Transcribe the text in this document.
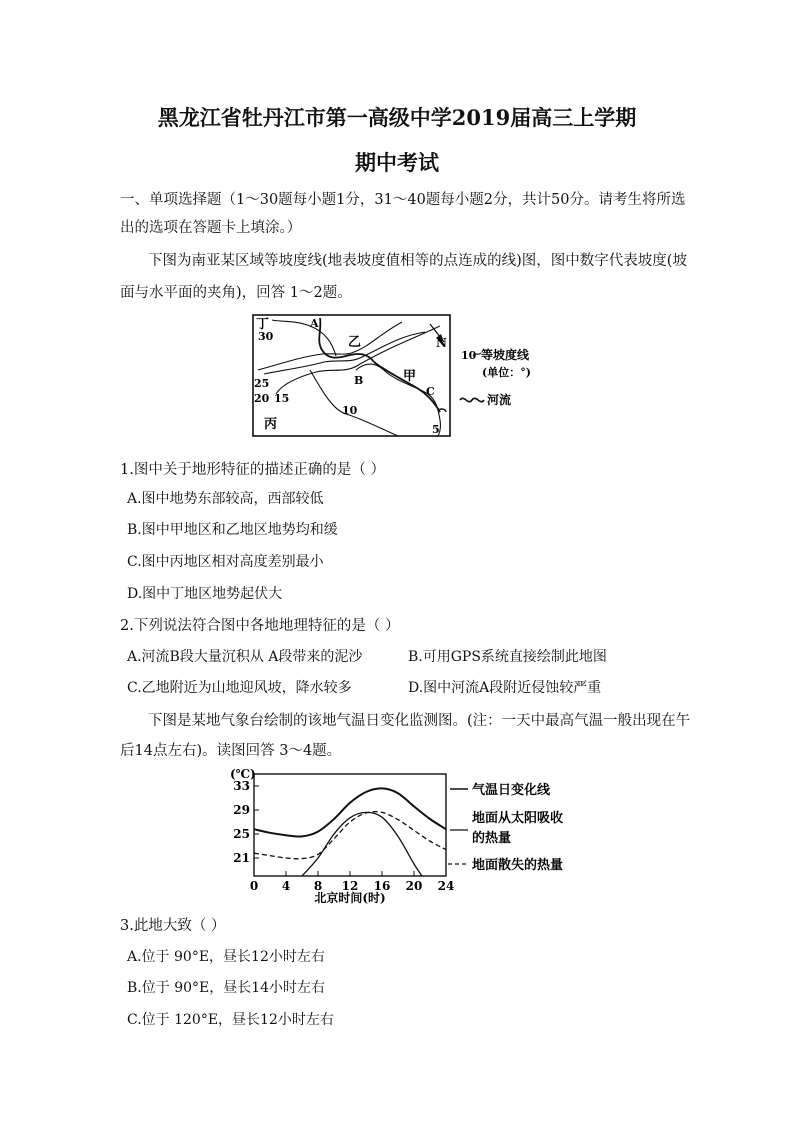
黑龙江省牡丹江市第一高级中学2019届高三上学期
期中考试
一、单项选择题（1～30题每小题1分，31～40题每小题2分，共计50分。请考生将所选
出的选项在答题卡上填涂。）
下图为南亚某区域等坡度线(地表坡度值相等的点连成的线)图，图中数字代表坡度(坡
面与水平面的夹角)，回答 1～2题。
N
丁	A
乙
B	甲
C
丙
30
25
20 15
10
5
10 等坡度线
(单位：°)
河流
1.图中关于地形特征的描述正确的是（ ）
A.图中地势东部较高，西部较低
B.图中甲地区和乙地区地势均和缓
C.图中丙地区相对高度差别最小
D.图中丁地区地势起伏大
2.下列说法符合图中各地地理特征的是（ ）
A.河流B段大量沉积从 A段带来的泥沙	B.可用GPS系统直接绘制此地图
C.乙地附近为山地迎风坡，降水较多	D.图中河流A段附近侵蚀较严重
下图是某地气象台绘制的该地气温日变化监测图。(注：一天中最高气温一般出现在午
后14点左右)。读图回答 3～4题。
(℃)
21
25
29
33
0 4 8 12 16 20 24
北京时间(时)
气温日变化线
地面从太阳吸收
的热量
地面散失的热量
3.此地大致（ ）
A.位于 90°E，昼长12小时左右
B.位于 90°E，昼长14小时左右
C.位于 120°E，昼长12小时左右
